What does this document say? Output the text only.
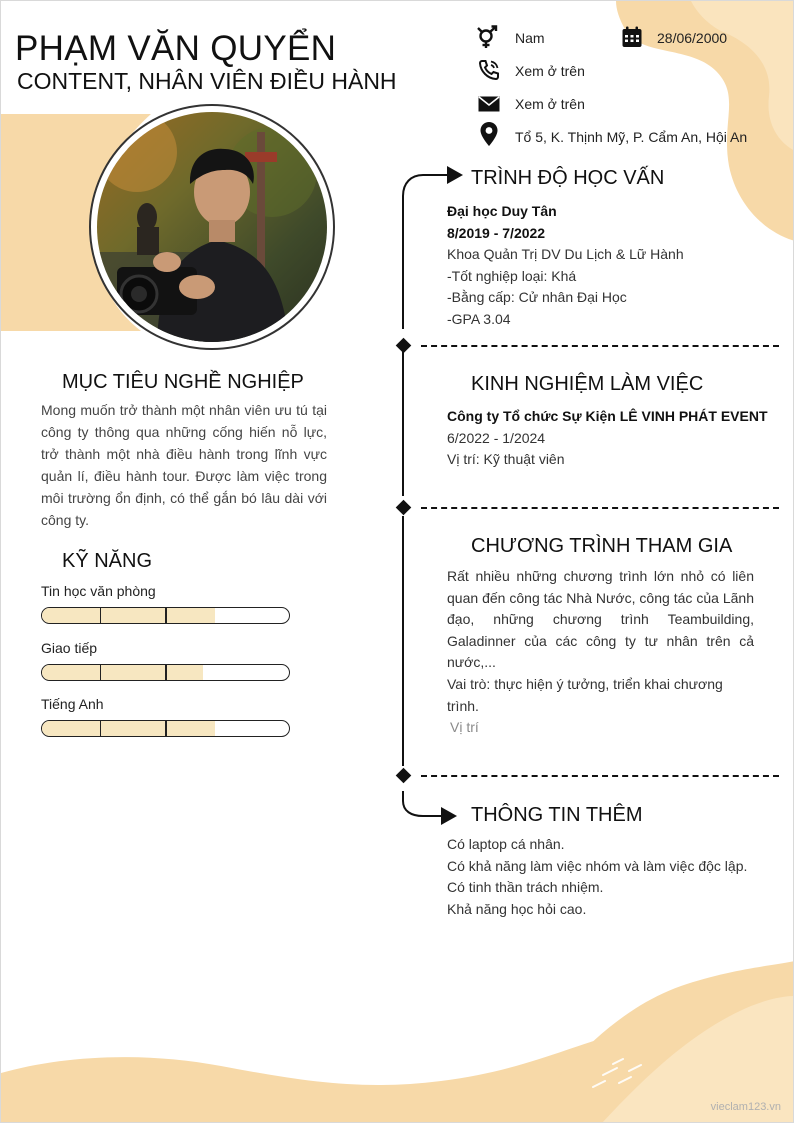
PHẠM VĂN QUYỂN
CONTENT, NHÂN VIÊN ĐIỀU HÀNH
Nam	28/06/2000
Xem ở trên
Xem ở trên
Tổ 5, K. Thịnh Mỹ, P. Cẩm An, Hội An
MỤC TIÊU NGHỀ NGHIỆP
Mong muốn trở thành một nhân viên ưu tú tại công ty thông qua những cống hiến nỗ lực, trở thành một nhà điều hành trong lĩnh vực quản lí, điều hành tour. Được làm việc trong môi trường ổn định, có thể gắn bó lâu dài với công ty.
KỸ NĂNG
Tin học văn phòng
Giao tiếp
Tiếng Anh
TRÌNH ĐỘ HỌC VẤN
Đại học Duy Tân
8/2019 - 7/2022
Khoa Quản Trị DV Du Lịch & Lữ Hành
-Tốt nghiệp loại: Khá
-Bằng cấp: Cử nhân Đại Học
-GPA 3.04
KINH NGHIỆM LÀM VIỆC
Công ty Tổ chức Sự Kiện LÊ VINH PHÁT EVENT
6/2022 - 1/2024
Vị trí: Kỹ thuật viên
CHƯƠNG TRÌNH THAM GIA
Rất nhiều những chương trình lớn nhỏ có liên quan đến công tác Nhà Nước, công tác của Lãnh đạo, những chương trình Teambuilding, Galadinner của các công ty tư nhân trên cả nước,...
Vai trò: thực hiện ý tưởng, triển khai chương trình.
Vị trí
THÔNG TIN THÊM
Có laptop cá nhân.
Có khả năng làm việc nhóm và làm việc độc lập.
Có tinh thần trách nhiệm.
Khả năng học hỏi cao.
vieclam123.vn
